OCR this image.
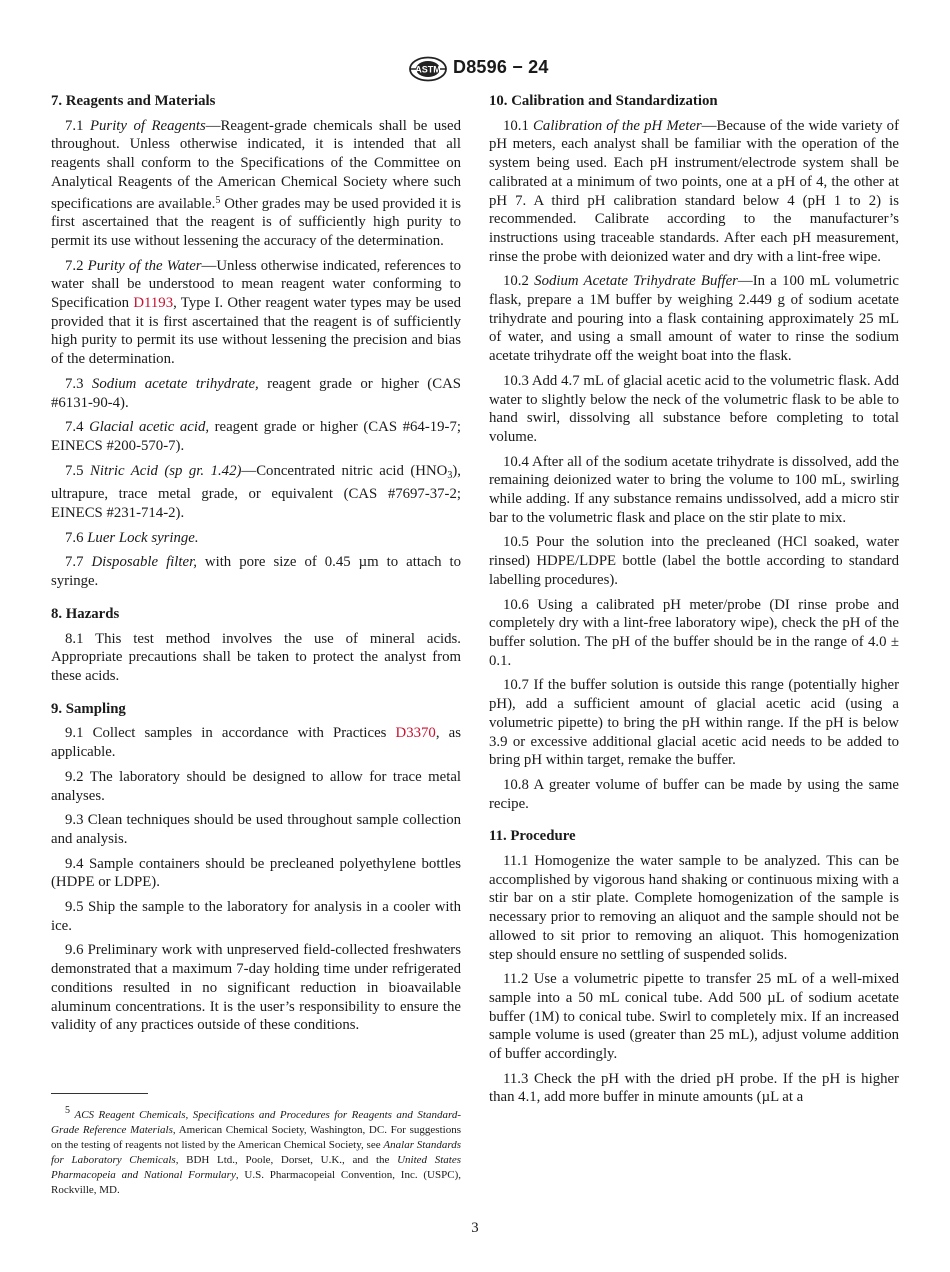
ASTM D8596 − 24
7. Reagents and Materials

7.1 Purity of Reagents—Reagent-grade chemicals shall be used throughout. Unless otherwise indicated, it is intended that all reagents shall conform to the Specifications of the Committee on Analytical Reagents of the American Chemical Society where such specifications are available.$^5$ Other grades may be used provided it is first ascertained that the reagent is of sufficiently high purity to permit its use without lessening the accuracy of the determination.

7.2 Purity of the Water—Unless otherwise indicated, references to water shall be understood to mean reagent water conforming to Specification D1193, Type I. Other reagent water types may be used provided that it is first ascertained that the reagent is of sufficiently high purity to permit its use without lessening the precision and bias of the determination.

7.3 Sodium acetate trihydrate, reagent grade or higher (CAS #6131-90-4).

7.4 Glacial acetic acid, reagent grade or higher (CAS #64-19-7; EINECS #200-570-7).

7.5 Nitric Acid (sp gr. 1.42)—Concentrated nitric acid $(HNO_3)$, ultrapure, trace metal grade, or equivalent (CAS #7697-37-2; EINECS #231-714-2).

7.6 Luer Lock syringe.

7.7 Disposable filter, with pore size of 0.45 µm to attach to syringe.

8. Hazards

8.1 This test method involves the use of mineral acids. Appropriate precautions shall be taken to protect the analyst from these acids.

9. Sampling

9.1 Collect samples in accordance with Practices D3370, as applicable.

9.2 The laboratory should be designed to allow for trace metal analyses.

9.3 Clean techniques should be used throughout sample collection and analysis.

9.4 Sample containers should be precleaned polyethylene bottles (HDPE or LDPE).

9.5 Ship the sample to the laboratory for analysis in a cooler with ice.

9.6 Preliminary work with unpreserved field-collected freshwaters demonstrated that a maximum 7-day holding time under refrigerated conditions resulted in no significant reduction in bioavailable aluminum concentrations. It is the user’s responsibility to ensure the validity of any practices outside of these conditions.

5 ACS Reagent Chemicals, Specifications and Procedures for Reagents and Standard-Grade Reference Materials, American Chemical Society, Washington, DC. For suggestions on the testing of reagents not listed by the American Chemical Society, see Analar Standards for Laboratory Chemicals, BDH Ltd., Poole, Dorset, U.K., and the United States Pharmacopeia and National Formulary, U.S. Pharmacopeial Convention, Inc. (USPC), Rockville, MD.
10. Calibration and Standardization

10.1 Calibration of the pH Meter—Because of the wide variety of pH meters, each analyst shall be familiar with the operation of the system being used. Each pH instrument/electrode system shall be calibrated at a minimum of two points, one at a pH of 4, the other at pH 7. A third pH calibration standard below 4 (pH 1 to 2) is recommended. Calibrate according to the manufacturer’s instructions using traceable standards. After each pH measurement, rinse the probe with deionized water and dry with a lint-free wipe.

10.2 Sodium Acetate Trihydrate Buffer—In a 100 mL volumetric flask, prepare a 1M buffer by weighing 2.449 g of sodium acetate trihydrate and pouring into a flask containing approximately 25 mL of water, and using a small amount of water to rinse the sodium acetate trihydrate off the weight boat into the flask.

10.3 Add 4.7 mL of glacial acetic acid to the volumetric flask. Add water to slightly below the neck of the volumetric flask to be able to hand swirl, dissolving all substance before completing to total volume.

10.4 After all of the sodium acetate trihydrate is dissolved, add the remaining deionized water to bring the volume to 100 mL, swirling while adding. If any substance remains undissolved, add a micro stir bar to the volumetric flask and place on the stir plate to mix.

10.5 Pour the solution into the precleaned (HCl soaked, water rinsed) HDPE/LDPE bottle (label the bottle according to standard labelling procedures).

10.6 Using a calibrated pH meter/probe (DI rinse probe and completely dry with a lint-free laboratory wipe), check the pH of the buffer solution. The pH of the buffer should be in the range of 4.0 ± 0.1.

10.7 If the buffer solution is outside this range (potentially higher pH), add a sufficient amount of glacial acetic acid (using a volumetric pipette) to bring the pH within range. If the pH is below 3.9 or excessive additional glacial acetic acid needs to be added to bring pH within target, remake the buffer.

10.8 A greater volume of buffer can be made by using the same recipe.

11. Procedure

11.1 Homogenize the water sample to be analyzed. This can be accomplished by vigorous hand shaking or continuous mixing with a stir bar on a stir plate. Complete homogenization of the sample is necessary prior to removing an aliquot and the sample should not be allowed to sit prior to removing an aliquot. This homogenization step should ensure no settling of suspended solids.

11.2 Use a volumetric pipette to transfer 25 mL of a well-mixed sample into a 50 mL conical tube. Add 500 µL of sodium acetate buffer (1M) to conical tube. Swirl to completely mix. If an increased sample volume is used (greater than 25 mL), adjust volume addition of buffer accordingly.

11.3 Check the pH with the dried pH probe. If the pH is higher than 4.1, add more buffer in minute amounts (µL at a

3
